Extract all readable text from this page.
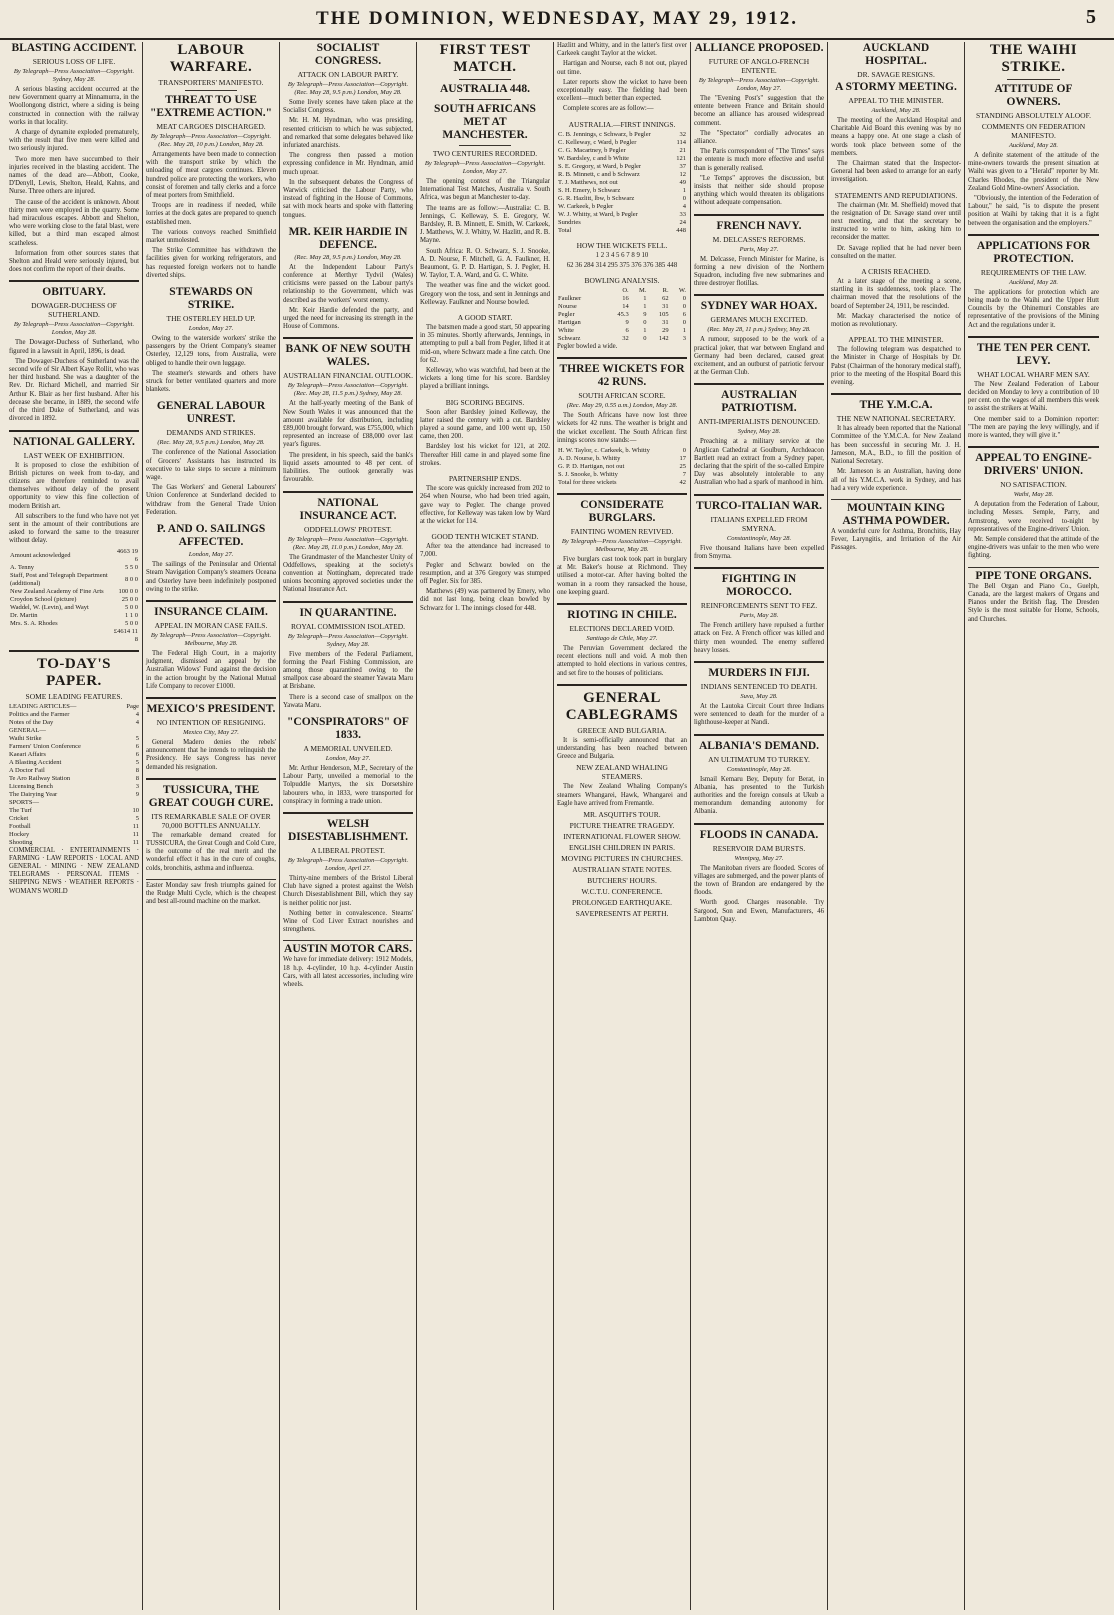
THE DOMINION, WEDNESDAY, MAY 29, 1912.	5
BLASTING ACCIDENT.
SERIOUS LOSS OF LIFE.
By Telegraph—Press Association—Copyright. Sydney, May 28.

A serious blasting accident occurred at the new Government quarry at Minnamurra, in the Woollongong district, where a siding is being constructed in connection with the railway works in that locality.

A charge of dynamite exploded prematurely, with the result that five men were killed and two seriously injured.

Two more men have succumbed to their injuries received in the blasting accident. The names of the dead are—Abbott, Cooke, D'Denyll, Lewis, Shelton, Heald, Kahns, and Nurse. Three others are injured.

The cause of the accident is unknown. About thirty men were employed in the quarry. Some had miraculous escapes. Abbott and Shelton, who were working close to the fatal blast, were killed, but a third man escaped almost scatheless.

Information from other sources states that Shelton and Heald were seriously injured, but does not confirm the report of their deaths.

OBITUARY.
DOWAGER-DUCHESS OF SUTHERLAND.
By Telegraph—Press Association—Copyright. London, May 28.

The Dowager-Duchess of Sutherland, who figured in a lawsuit in April, 1896, is dead.

The Dowager-Duchess of Sutherland was the second wife of Sir Albert Kaye Rollit, who was her third husband. She was a daughter of the Rev. Dr. Richard Michell, and married Sir Arthur K. Blair as her first husband. After his decease she became, in 1889, the second wife of the third Duke of Sutherland, and was divorced in 1892.

NATIONAL GALLERY.
LAST WEEK OF EXHIBITION.

It is proposed to close the exhibition of British pictures on week from to-day, and citizens are therefore reminded to avail themselves without delay of the present opportunity to view this fine collection of modern British art.

All subscribers to the fund who have not yet sent in the amount of their contributions are asked to forward the same to the treasurer without delay.

Amount acknowledged	4663 19 6
A. Tenny	5 5 0
Staff, Post and Telegraph Department (additional)	8 0 0
New Zealand Academy of Fine Arts	100 0 0
Croydon School (picture)	25 0 0
Waddel, W. (Levin), and Wayt	5 0 0
Dr. Martin	1 1 0
Mrs. S. A. Rhodes	5 0 0
	£4614 11 8
TO-DAY'S PAPER.
SOME LEADING FEATURES.
LEADING ARTICLES—	Page
Politics and the Farmer	4
Notes of the Day	4
GENERAL—
Waihi Strike	5
Farmers' Union Conference	6
Kaeari Affairs	6
A Blasting Accident	5
A Doctor Fail	8
Te Aro Railway Station	8
Licensing Bench	3
The Dairying Year	9
SPORTS—
The Turf	10
Cricket	5
Football	11
Hockey	11
Shooting	11

COMMERCIAL · ENTERTAINMENTS · FARMING · LAW REPORTS · LOCAL AND GENERAL · MINING · NEW ZEALAND TELEGRAMS · PERSONAL ITEMS · SHIPPING NEWS · WEATHER REPORTS · WOMAN'S WORLD

LABOUR WARFARE.
TRANSPORTERS' MANIFESTO.
THREAT TO USE "EXTREME ACTION."
MEAT CARGOES DISCHARGED.
By Telegraph—Press Association—Copyright. (Rec. May 28, 10 p.m.) London, May 28.

Arrangements have been made to connection with the transport strike by which the unloading of meat cargoes continues. Eleven hundred police are protecting the workers, who consist of foremen and tally clerks and a force of meat porters from Smithfield.

Troops are in readiness if needed, while lorries at the dock gates are prepared to quench established men.

The various convoys reached Smithfield market unmolested.

The Strike Committee has withdrawn the facilities given for working refrigerators, and has requested foreign workers not to handle diverted ships.

STEWARDS ON STRIKE.
THE OSTERLEY HELD UP.
London, May 27.

Owing to the waterside workers' strike the passengers by the Orient Company's steamer Osterley, 12,129 tons, from Australia, were obliged to handle their own luggage.

The steamer's stewards and others have struck for better ventilated quarters and more blankets.

GENERAL LABOUR UNREST.
DEMANDS AND STRIKES.
(Rec. May 28, 9.5 p.m.) London, May 28.

The conference of the National Association of Grocers' Assistants has instructed its executive to take steps to secure a minimum wage.

The Gas Workers' and General Labourers' Union Conference at Sunderland decided to withdraw from the General Trade Union Federation.

P. AND O. SAILINGS AFFECTED.
London, May 27.

The sailings of the Peninsular and Oriental Steam Navigation Company's steamers Oceana and Osterley have been indefinitely postponed owing to the strike.

INSURANCE CLAIM.
APPEAL IN MORAN CASE FAILS.
By Telegraph—Press Association—Copyright. Melbourne, May 28.

The Federal High Court, in a majority judgment, dismissed an appeal by the Australian Widows' Fund against the decision in the action brought by the National Mutual Life Company to recover £1000.

MEXICO'S PRESIDENT.
NO INTENTION OF RESIGNING.
Mexico City, May 27.

General Madero denies the rebels' announcement that he intends to relinquish the Presidency. He says Congress has never demanded his resignation.

TUSSICURA, THE GREAT COUGH CURE.
ITS REMARKABLE SALE OF OVER 70,000 BOTTLES ANNUALLY.

The remarkable demand created for TUSSICURA, the Great Cough and Cold Cure, is the outcome of the real merit and the wonderful effect it has in the cure of coughs, colds, bronchitis, asthma and influenza.

Easter Monday saw fresh triumphs gained for the Rudge Multi Cycle, which is the cheapest and best all-round machine on the market.

SOCIALIST CONGRESS.
ATTACK ON LABOUR PARTY.
By Telegraph—Press Association—Copyright. (Rec. May 28, 9.5 p.m.) London, May 28.

Some lively scenes have taken place at the Socialist Congress.

Mr. H. M. Hyndman, who was presiding, resented criticism to which he was subjected, and remarked that some delegates behaved like infuriated anarchists.

The congress then passed a motion expressing confidence in Mr. Hyndman, amid much uproar.

In the subsequent debates the Congress of Warwick criticised the Labour Party, who instead of fighting in the House of Commons, sat with mock hearts and spoke with flattering tongues.

MR. KEIR HARDIE IN DEFENCE.
(Rec. May 28, 9.5 p.m.) London, May 28.

At the Independent Labour Party's conference at Merthyr Tydvil (Wales) criticisms were passed on the Labour party's relationship to the Government, which was described as the workers' worst enemy.

Mr. Keir Hardie defended the party, and urged the need for increasing its strength in the House of Commons.

BANK OF NEW SOUTH WALES.
AUSTRALIAN FINANCIAL OUTLOOK.
By Telegraph—Press Association—Copyright. (Rec. May 28, 11.5 p.m.) Sydney, May 28.

At the half-yearly meeting of the Bank of New South Wales it was announced that the amount available for distribution, including £89,000 brought forward, was £755,000, which represented an increase of £88,000 over last year's figures.

The president, in his speech, said the bank's liquid assets amounted to 48 per cent. of liabilities. The outlook generally was favourable.

NATIONAL INSURANCE ACT.
ODDFELLOWS' PROTEST.
By Telegraph—Press Association—Copyright. (Rec. May 28, 11.0 p.m.) London, May 28.

The Grandmaster of the Manchester Unity of Oddfellows, speaking at the society's convention at Nottingham, deprecated trade unions becoming approved societies under the National Insurance Act.

IN QUARANTINE.
ROYAL COMMISSION ISOLATED.
By Telegraph—Press Association—Copyright. Sydney, May 28.

Five members of the Federal Parliament, forming the Pearl Fishing Commission, are among those quarantined owing to the smallpox case aboard the steamer Yawata Maru at Brisbane.

There is a second case of smallpox on the Yawata Maru.

"CONSPIRATORS" OF 1833.
A MEMORIAL UNVEILED.
London, May 27.

Mr. Arthur Henderson, M.P., Secretary of the Labour Party, unveiled a memorial to the Tolpuddle Martyrs, the six Dorsetshire labourers who, in 1833, were transported for conspiracy in forming a trade union.

WELSH DISESTABLISHMENT.
A LIBERAL PROTEST.
By Telegraph—Press Association—Copyright. London, April 27.

Thirty-nine members of the Bristol Liberal Club have signed a protest against the Welsh Church Disestablishment Bill, which they say is neither politic nor just.

Nothing better in convalescence. Stearns' Wine of Cod Liver Extract nourishes and strengthens.

AUSTIN MOTOR CARS.

We have for immediate delivery: 1912 Models, 18 h.p. 4-cylinder, 10 h.p. 4-cylinder Austin Cars, with all latest accessories, including wire wheels.

FIRST TEST MATCH.
AUSTRALIA 448.
SOUTH AFRICANS MET AT MANCHESTER.
TWO CENTURIES RECORDED.
By Telegraph—Press Association—Copyright. London, May 27.

The opening contest of the Triangular International Test Matches, Australia v. South Africa, was begun at Manchester to-day.

The teams are as follow:—Australia: C. B. Jennings, C. Kelleway, S. E. Gregory, W. Bardsley, R. B. Minnett, E. Smith, W. Carkeek, J. Matthews, W. J. Whitty, W. Hazlitt, and R. B. Mayne.

South Africa: R. O. Schwarz, S. J. Snooke, A. D. Nourse, F. Mitchell, G. A. Faulkner, H. Beaumont, G. P. D. Hartigan, S. J. Pegler, H. W. Taylor, T. A. Ward, and G. C. White.

The weather was fine and the wicket good. Gregory won the toss, and sent in Jennings and Kelleway. Faulkner and Nourse bowled.

A GOOD START.

The batsmen made a good start, 50 appearing in 35 minutes. Shortly afterwards, Jennings, in attempting to pull a ball from Pegler, lifted it at mid-on, where Schwarz made a fine catch. One for 62.

Kelleway, who was watchful, had been at the wickets a long time for his score. Bardsley played a brilliant innings.

BIG SCORING BEGINS.

Soon after Bardsley joined Kelleway, the latter raised the century with a cut. Bardsley played a sound game, and 100 went up, 150 came, then 200.

Bardsley lost his wicket for 121, at 202. Thereafter Hill came in and played some fine strokes.

PARTNERSHIP ENDS.

The score was quickly increased from 202 to 264 when Nourse, who had been tried again, gave way to Pegler. The change proved effective, for Kelleway was taken low by Ward at the wicket for 114.

GOOD TENTH WICKET STAND.

After tea the attendance had increased to 7,000.

Pegler and Schwarz bowled on the resumption, and at 376 Gregory was stumped off Pegler. Six for 385.

Matthews (49) was partnered by Emery, who did not last long, being clean bowled by Schwarz for 1. The innings closed for 448.

Hazlitt and Whitty, and in the latter's first over Carkeek caught Taylor at the wicket.

Hartigan and Nourse, each 8 not out, played out time.

Later reports show the wicket to have been exceptionally easy. The fielding had been excellent—much better than expected.

Complete scores are as follow:—

AUSTRALIA.—FIRST INNINGS.
C. B. Jennings, c Schwarz, b Pegler	32
C. Kelleway, c Ward, b Pegler	114
C. G. Macartney, b Pegler	21
W. Bardsley, c and b White	121
S. E. Gregory, st Ward, b Pegler	37
R. B. Minnett, c and b Schwarz	12
T. J. Matthews, not out	49
S. H. Emery, b Schwarz	1
G. R. Hazlitt, lbw, b Schwarz	0
W. Carkeek, b Pegler	4
W. J. Whitty, st Ward, b Pegler	33
Sundries	24
Total	448
HOW THE WICKETS FELL.

1 2 3 4 5 6 7 8 9 10

62 36 284 314 295 375 376 376 385 448

BOWLING ANALYSIS.
	O.	M.	R.	W.
Faulkner	16	1	62	0
Nourse	14	1	31	0
Pegler	45.3	9	105	6
Hartigan	9	0	31	0
White	6	1	29	1
Schwarz	32	0	142	3

Pegler bowled a wide.

THREE WICKETS FOR 42 RUNS.
SOUTH AFRICAN SCORE.
(Rec. May 29, 0.55 a.m.) London, May 28.

The South Africans have now lost three wickets for 42 runs. The weather is bright and the wicket excellent. The South African first innings scores now stands:—

H. W. Taylor, c. Carkeek, b. Whitty	0
A. D. Nourse, b. Whitty	17
G. P. D. Hartigan, not out	25
S. J. Snooke, b. Whitty	7
Total for three wickets	42
CONSIDERATE BURGLARS.
FAINTING WOMEN REVIVED.
By Telegraph—Press Association—Copyright. Melbourne, May 28.

Five burglars cast took took part in burglary at Mr. Baker's house at Richmond. They utilised a motor-car. After having bolted the woman in a room they ransacked the house, one keeping guard.

RIOTING IN CHILE.
ELECTIONS DECLARED VOID.
Santiago de Chile, May 27.

The Peruvian Government declared the recent elections null and void. A mob then attempted to hold elections in various centres, and set fire to the houses of politicians.

GENERAL CABLEGRAMS
GREECE AND BULGARIA.

It is semi-officially announced that an understanding has been reached between Greece and Bulgaria.

NEW ZEALAND WHALING STEAMERS.

The New Zealand Whaling Company's steamers Whangarei, Hawk, Whangarei and Eagle have arrived from Fremantle.

MR. ASQUITH'S TOUR.
PICTURE THEATRE TRAGEDY.
INTERNATIONAL FLOWER SHOW.
ENGLISH CHILDREN IN PARIS.
MOVING PICTURES IN CHURCHES.
AUSTRALIAN STATE NOTES.
BUTCHERS' HOURS.
W.C.T.U. CONFERENCE.
PROLONGED EARTHQUAKE.
SAVEPRESENTS AT PERTH.
ALLIANCE PROPOSED.
FUTURE OF ANGLO-FRENCH ENTENTE.
By Telegraph—Press Association—Copyright. London, May 27.

The "Evening Post's" suggestion that the entente between France and Britain should become an alliance has aroused widespread comment.

The "Spectator" cordially advocates an alliance.

The Paris correspondent of "The Times" says the entente is much more effective and useful than is generally realised.

"Le Temps" approves the discussion, but insists that neither side should propose anything which would threaten its obligations without adequate compensation.

FRENCH NAVY.
M. DELCASSE'S REFORMS.
Paris, May 27.

M. Delcasse, French Minister for Marine, is forming a new division of the Northern Squadron, including five new submarines and three destroyer flotillas.

SYDNEY WAR HOAX.
GERMANS MUCH EXCITED.
(Rec. May 28, 11 p.m.) Sydney, May 28.

A rumour, supposed to be the work of a practical joker, that war between England and Germany had been declared, caused great excitement, and an outburst of patriotic fervour at the German Club.

AUSTRALIAN PATRIOTISM.
ANTI-IMPERIALISTS DENOUNCED.
Sydney, May 28.

Preaching at a military service at the Anglican Cathedral at Goulburn, Archdeacon Bartlett read an extract from a Sydney paper, declaring that the spirit of the so-called Empire Day was absolutely intolerable to any Australian who had a spark of manhood in him.

TURCO-ITALIAN WAR.
ITALIANS EXPELLED FROM SMYRNA.
Constantinople, May 28.

Five thousand Italians have been expelled from Smyrna.

FIGHTING IN MOROCCO.
REINFORCEMENTS SENT TO FEZ.
Paris, May 28.

The French artillery have repulsed a further attack on Fez. A French officer was killed and thirty men wounded. The enemy suffered heavy losses.

MURDERS IN FIJI.
INDIANS SENTENCED TO DEATH.
Suva, May 28.

At the Lautoka Circuit Court three Indians were sentenced to death for the murder of a lighthouse-keeper at Nandi.

ALBANIA'S DEMAND.
AN ULTIMATUM TO TURKEY.
Constantinople, May 28.

Ismail Kemaru Bey, Deputy for Berat, in Albania, has presented to the Turkish authorities and the foreign consuls at Ukub a memorandum demanding autonomy for Albania.

FLOODS IN CANADA.
RESERVOIR DAM BURSTS.
Winnipeg, May 27.

The Manitoban rivers are flooded. Scores of villages are submerged, and the power plants of the town of Brandon are endangered by the floods.

Worth good. Charges reasonable. Try Sargood, Son and Ewen, Manufacturers, 46 Lambton Quay.

AUCKLAND HOSPITAL.
DR. SAVAGE RESIGNS.
A STORMY MEETING.
APPEAL TO THE MINISTER.
Auckland, May 28.

The meeting of the Auckland Hospital and Charitable Aid Board this evening was by no means a happy one. At one stage a clash of words took place between some of the members.

The Chairman stated that the Inspector-General had been asked to arrange for an early investigation.

STATEMENTS AND REPUDIATIONS.

The chairman (Mr. M. Sheffield) moved that the resignation of Dr. Savage stand over until next meeting, and that the secretary be instructed to write to him, asking him to reconsider the matter.

Dr. Savage replied that he had never been consulted on the matter.

A CRISIS REACHED.

At a later stage of the meeting a scene, startling in its suddenness, took place. The chairman moved that the resolutions of the board of September 24, 1911, be rescinded.

Mr. Mackay characterised the notice of motion as revolutionary.

APPEAL TO THE MINISTER.

The following telegram was despatched to the Minister in Charge of Hospitals by Dr. Pabst (Chairman of the honorary medical staff), prior to the meeting of the Hospital Board this evening.

THE Y.M.C.A.
THE NEW NATIONAL SECRETARY.

It has already been reported that the National Committee of the Y.M.C.A. for New Zealand has been successful in securing Mr. J. H. Jameson, M.A., B.D., to fill the position of National Secretary.

Mr. Jameson is an Australian, having done all of his Y.M.C.A. work in Sydney, and has had a very wide experience.

MOUNTAIN KING ASTHMA POWDER.

A wonderful cure for Asthma, Bronchitis, Hay Fever, Laryngitis, and Irritation of the Air Passages.

THE WAIHI STRIKE.
ATTITUDE OF OWNERS.
STANDING ABSOLUTELY ALOOF.
COMMENTS ON FEDERATION MANIFESTO.
Auckland, May 28.

A definite statement of the attitude of the mine-owners towards the present situation at Waihi was given to a "Herald" reporter by Mr. Charles Rhodes, the president of the New Zealand Gold Mine-owners' Association.

"Obviously, the intention of the Federation of Labour," he said, "is to dispute the present position at Waihi by taking that it is a fight between the organisation and the employers."

APPLICATIONS FOR PROTECTION.
REQUIREMENTS OF THE LAW.
Auckland, May 28.

The applications for protection which are being made to the Waihi and the Upper Hutt Councils by the Ohinemuri Constables are representative of the provisions of the Mining Act and the regulations under it.

THE TEN PER CENT. LEVY.
WHAT LOCAL WHARF MEN SAY.

The New Zealand Federation of Labour decided on Monday to levy a contribution of 10 per cent. on the wages of all members this week to assist the strikers at Waihi.

One member said to a Dominion reporter: "The men are paying the levy willingly, and if more is wanted, they will give it."

APPEAL TO ENGINE-DRIVERS' UNION.
NO SATISFACTION.
Waihi, May 28.

A deputation from the Federation of Labour, including Messrs. Semple, Parry, and Armstrong, were received to-night by representatives of the Engine-drivers' Union.

Mr. Semple considered that the attitude of the engine-drivers was unfair to the men who were fighting.

PIPE TONE ORGANS.

The Bell Organ and Piano Co., Guelph, Canada, are the largest makers of Organs and Pianos under the British flag. The Dresden Style is the most suitable for Home, Schools, and Churches.
